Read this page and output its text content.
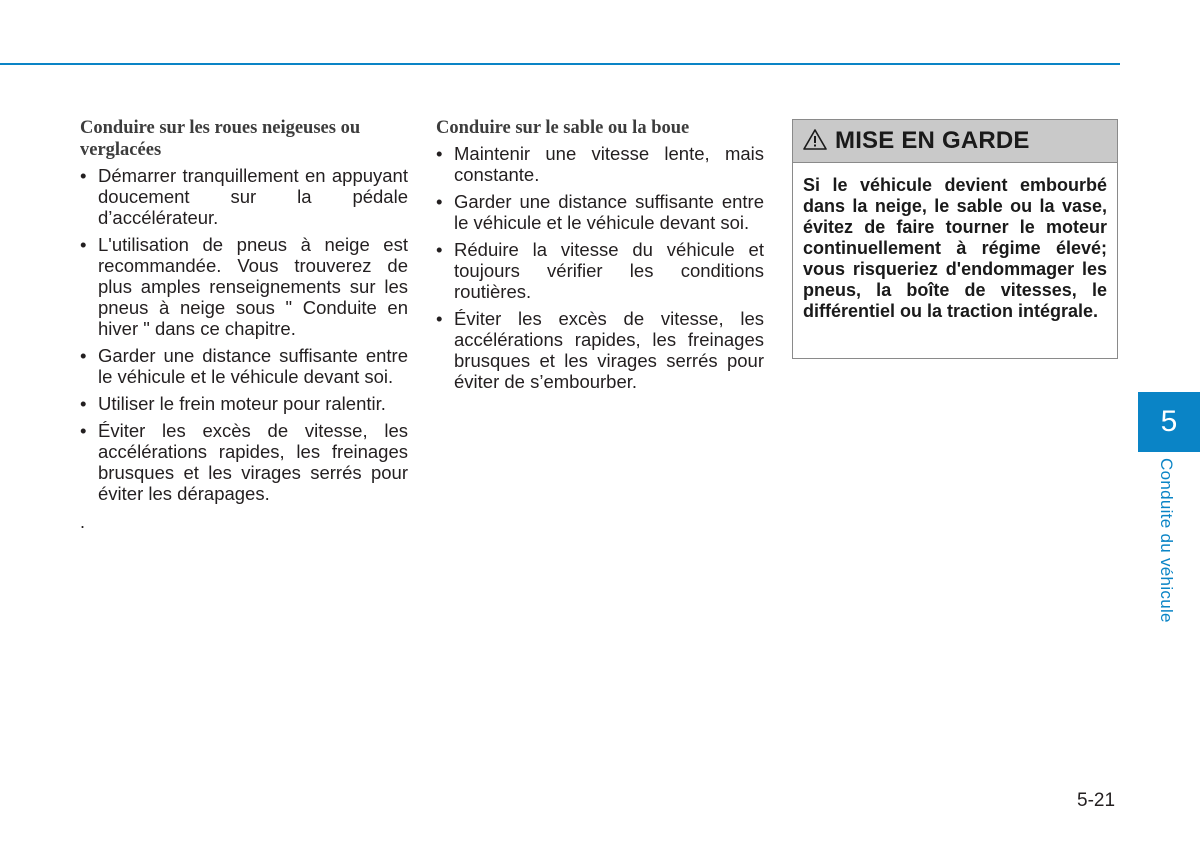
Conduire sur les roues neigeuses ou verglacées
• Démarrer tranquillement en appuyant doucement sur la pédale d’accélérateur.
• L'utilisation de pneus à neige est recommandée. Vous trouverez de plus amples renseignements sur les pneus à neige sous " Conduite en hiver " dans ce chapitre.
• Garder une distance suffisante entre le véhicule et le véhicule devant soi.
• Utiliser le frein moteur pour ralentir.
• Éviter les excès de vitesse, les accélérations rapides, les freinages brusques et les virages serrés pour éviter les dérapages.
.
Conduire sur le sable ou la boue
• Maintenir une vitesse lente, mais constante.
• Garder une distance suffisante entre le véhicule et le véhicule devant soi.
• Réduire la vitesse du véhicule et toujours vérifier les conditions routières.
• Éviter les excès de vitesse, les accélérations rapides, les freinages brusques et les virages serrés pour éviter de s’embourber.
MISE EN GARDE
Si le véhicule devient embourbé dans la neige, le sable ou la vase, évitez de faire tourner le moteur continuellement à régime élevé; vous risqueriez d'endommager les pneus, la boîte de vitesses, le différentiel ou la traction intégrale.
5
Conduite du véhicule
5-21
